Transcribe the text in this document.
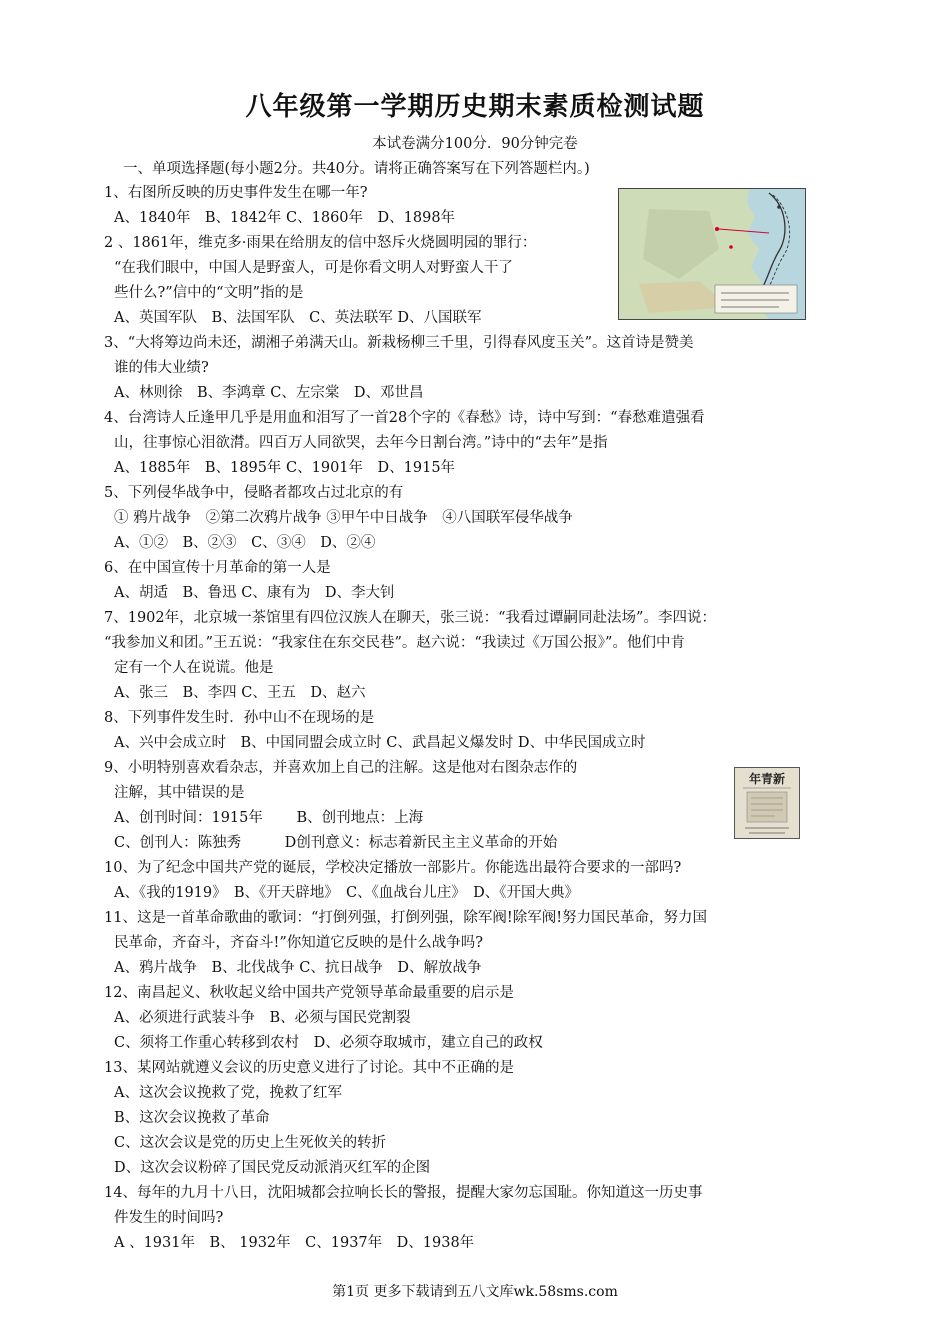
八年级第一学期历史期末素质检测试题
本试卷满分100分．90分钟完卷
一、单项选择题(每小题2分。共40分。请将正确答案写在下列答题栏内。)
1、右图所反映的历史事件发生在哪一年?
A、1840年　B、1842年 C、1860年　D、1898年
2 、1861年，维克多·雨果在给朋友的信中怒斥火烧圆明园的罪行：
“在我们眼中，中国人是野蛮人，可是你看文明人对野蛮人干了
些什么?”信中的“文明”指的是
A、英国军队　B、法国军队　C、英法联军 D、八国联军
3、“大将筹边尚未还，湖湘子弟满天山。新栽杨柳三千里，引得春风度玉关”。这首诗是赞美
谁的伟大业绩?
A、林则徐　B、李鸿章 C、左宗棠　D、邓世昌
4、台湾诗人丘逢甲几乎是用血和泪写了一首28个字的《春愁》诗，诗中写到：“春愁难遣强看
山，往事惊心泪欲潸。四百万人同欲哭，去年今日割台湾。”诗中的“去年”是指
A、1885年　B、1895年 C、1901年　D、1915年
5、下列侵华战争中，侵略者都攻占过北京的有
① 鸦片战争　②第二次鸦片战争 ③甲午中日战争　④八国联军侵华战争
A、①②　B、②③　C、③④　D、②④
6、在中国宣传十月革命的第一人是
A、胡适　B、鲁迅 C、康有为　D、李大钊
7、1902年，北京城一茶馆里有四位汉族人在聊天，张三说：“我看过谭嗣同赴法场”。李四说：
“我参加义和团。”王五说：“我家住在东交民巷”。赵六说：“我读过《万国公报》”。他们中肯
定有一个人在说谎。他是
A、张三　B、李四 C、王五　D、赵六
8、下列事件发生时．孙中山不在现场的是
A、兴中会成立时　B、中国同盟会成立时 C、武昌起义爆发时 D、中华民国成立时
9、小明特别喜欢看杂志，并喜欢加上自己的注解。这是他对右图杂志作的
注解，其中错误的是
A、创刊时间：1915年　　 B、创刊地点：上海
C、创刊人：陈独秀　　　D创刊意义：标志着新民主主义革命的开始
10、为了纪念中国共产党的诞辰，学校决定播放一部影片。你能选出最符合要求的一部吗?
A、《我的1919》　B、《开天辟地》　C、《血战台儿庄》　D、《开国大典》
11、这是一首革命歌曲的歌词：“打倒列强，打倒列强，除军阀!除军阀!努力国民革命，努力国
民革命，齐奋斗，齐奋斗!”你知道它反映的是什么战争吗?
A、鸦片战争　B、北伐战争 C、抗日战争　D、解放战争
12、南昌起义、秋收起义给中国共产党领导革命最重要的启示是
A、必须进行武装斗争　B、必须与国民党割裂
C、须将工作重心转移到农村　D、必须夺取城市，建立自己的政权
13、某网站就遵义会议的历史意义进行了讨论。其中不正确的是
A、这次会议挽救了党，挽救了红军
B、这次会议挽救了革命
C、这次会议是党的历史上生死攸关的转折
D、这次会议粉碎了国民党反动派消灭红军的企图
14、每年的九月十八日，沈阳城都会拉响长长的警报，提醒大家勿忘国耻。你知道这一历史事
件发生的时间吗?
A 、1931年　B、 1932年　C、1937年　D、1938年
年青新
第1页 更多下载请到五八文库wk.58sms.com
